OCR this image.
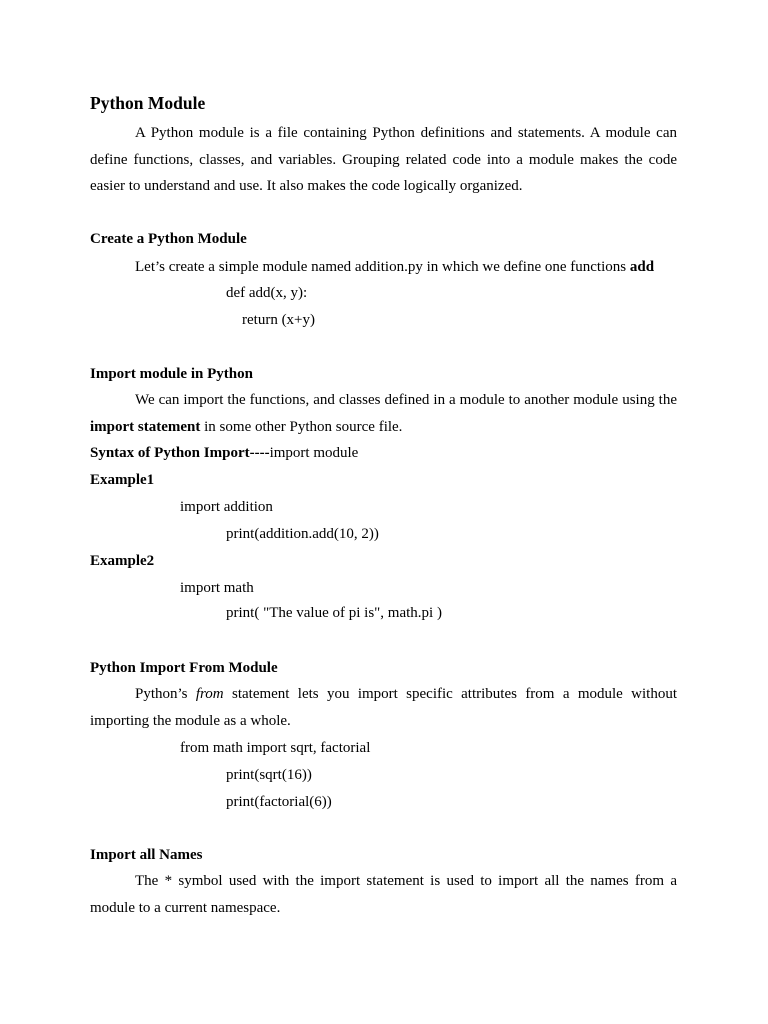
Python Module
A Python module is a file containing Python definitions and statements. A module can define functions, classes, and variables. Grouping related code into a module makes the code easier to understand and use. It also makes the code logically organized.
Create a Python Module
Let’s create a simple module named addition.py in which we define one functions add
def add(x, y):
return (x+y)
Import module in Python
We can import the functions, and classes defined in a module to another module using the import statement in some other Python source file.
Syntax of Python Import----import module
Example1
import addition
print(addition.add(10, 2))
Example2
import math
print( "The value of pi is", math.pi )
Python Import From Module
Python’s from statement lets you import specific attributes from a module without importing the module as a whole.
from math import sqrt, factorial
print(sqrt(16))
print(factorial(6))
Import all Names
The * symbol used with the import statement is used to import all the names from a module to a current namespace.
